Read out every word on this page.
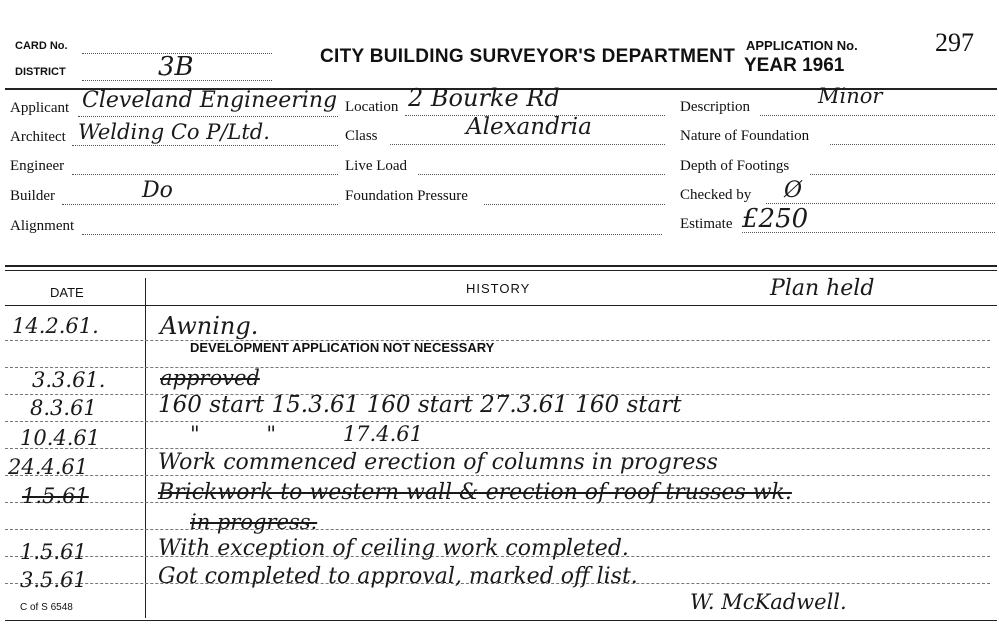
CARD No.
DISTRICT	3B	CITY BUILDING SURVEYOR'S DEPARTMENT
APPLICATION No.
YEAR 1961
297
Applicant Cleveland Engineering
Architect Welding Co P/Ltd.
Engineer
Builder	Do
Alignment
Location 2 Bourke Rd
Class	Alexandria
Live Load
Foundation Pressure
Description	Minor
Nature of Foundation
Depth of Footings
Checked by Ø
Estimate £250
DATE	HISTORY	Plan held
14.2.61.	Awning.
DEVELOPMENT APPLICATION NOT NECESSARY
3.3.61.	approved
8.3.61	160 start 15.3.61 160 start 27.3.61 160 start
10.4.61	"          "          17.4.61
24.4.61	Work commenced erection of columns in progress
1.5.61	Brickwork to western wall & erection of roof trusses wk.
in progress.
1.5.61	With exception of ceiling work completed.
3.5.61	Got completed to approval, marked off list.
W. McKadwell.
C of S 6548
